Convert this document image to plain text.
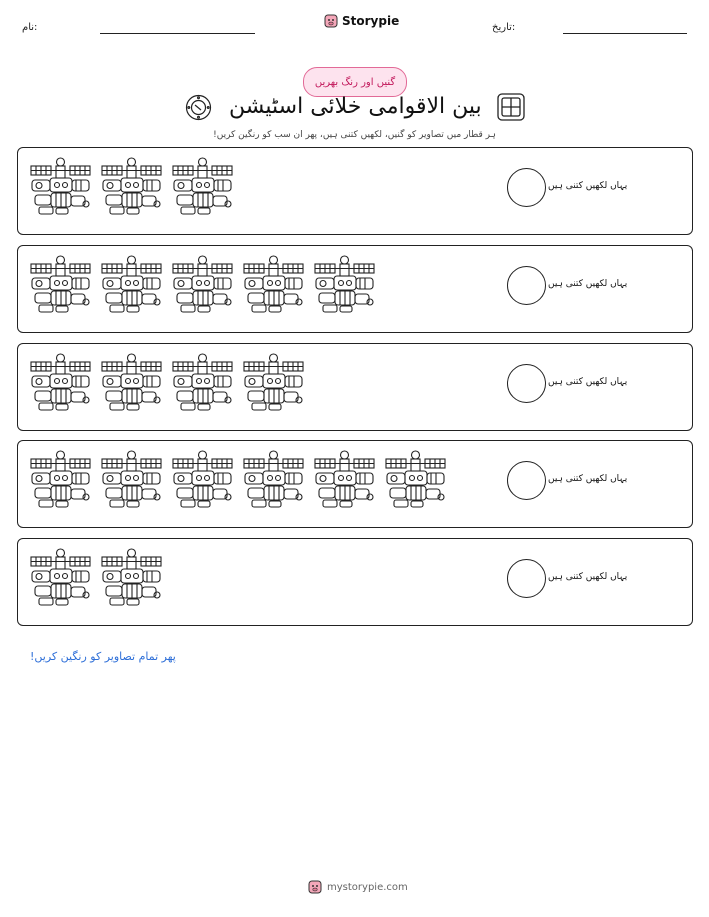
نام:	Storypie	تاریخ:
گنیں اور رنگ بھریں
بین الاقوامی خلائی اسٹیشن
ہر قطار میں تصاویر کو گنیں، لکھیں کتنی ہیں، پھر ان سب کو رنگین کریں!
یہاں لکھیں کتنی ہیں
یہاں لکھیں کتنی ہیں
یہاں لکھیں کتنی ہیں
یہاں لکھیں کتنی ہیں
یہاں لکھیں کتنی ہیں
پھر تمام تصاویر کو رنگین کریں!
mystorypie.com
